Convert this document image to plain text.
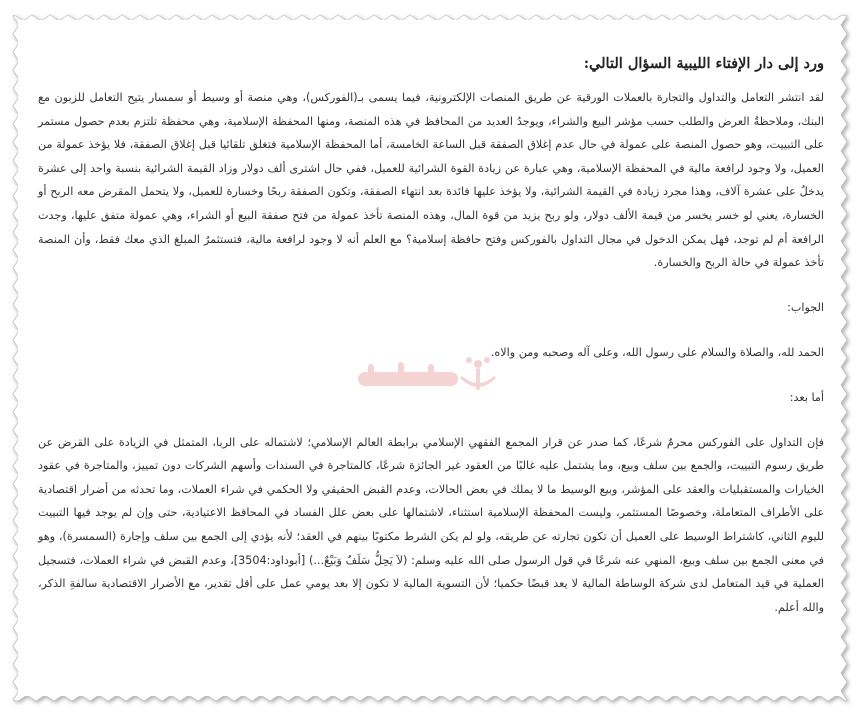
ورد إلى دار الإفتاء الليبية السؤال التالي:

لقد انتشر التعامل والتداول والتجارة بالعملات الورقية عن طريق المنصات الإلكترونية، فيما يسمى بـ(الفوركس)، وهي منصة أو وسيط أو سمسار يتيح التعامل للزبون مع البنك، وملاحظةُ العرض والطلب حسب مؤشر البيع والشراء، ويوجدُ العديد من المحافظ في هذه المنصة، ومنها المحفظة الإسلامية، وهي محفظة تلتزم بعدم حصول مستمر على التبييت، وهو حصول المنصة على عمولة في حال عدم إغلاق الصفقة قبل الساعة الخامسة، أما المحفظة الإسلامية فتغلق تلقائيا قبل إغلاق الصفقة، فلا يؤخذ عمولة من العميل، ولا وجود لرافعة مالية في المحفظة الإسلامية، وهي عبارة عن زيادة القوة الشرائية للعميل، ففي حال اشترى ألف دولار وزاد القيمة الشرائية بنسبة واحد إلى عشرة يدخلُ على عشرة آلاف، وهذا مجرد زيادة في القيمة الشرائية، ولا يؤخذ عليها فائدة بعد انتهاء الصفقة، وتكون الصفقة ربحًا وخسارة للعميل، ولا يتحمل المقرض معه الربح أو الخسارة، يعني لو خسر يخسر من قيمة الألف دولار، ولو ربح يزيد من قوة المال، وهذه المنصة تأخذ عمولة من فتح صفقة البيع أو الشراء، وهي عمولة متفق عليها، وجدت الرافعة أم لم توجد، فهل يمكن الدخول في مجال التداول بالفوركس وفتح حافظة إسلامية؟ مع العلم أنه لا وجود لرافعة مالية، فتستثمرُ المبلغ الذي معك فقط، وأن المنصة تأخذ عمولة في حالة الربح والخسارة.

الجواب:

الحمد لله، والصلاة والسلام على رسول الله، وعلى آله وصحبه ومن والاه.

أما بعد:

فإن التداول على الفوركس محرمٌ شرعًا، كما صدر عن قرار المجمع الفقهي الإسلامي برابطة العالم الإسلامي؛ لاشتماله على الربا، المتمثل في الزيادة على القرض عن طريق رسوم التبييت، والجمع بين سلف وبيع، وما يشتمل عليه غالبًا من العقود غير الجائزة شرعًا، كالمتاجرة في السندات وأسهم الشركات دون تمييز، والمتاجرة في عقود الخيارات والمستقبليات والعقد على المؤشر، وبيع الوسيط ما لا يملك في بعض الحالات، وعدم القبض الحقيقي ولا الحكمي في شراء العملات، وما تحدثه من أضرار اقتصادية على الأطراف المتعاملة، وخصوصًا المستثمر، وليست المحفظة الإسلامية استثناء، لاشتمالها على بعض علل الفساد في المحافظ الاعتيادية، حتى وإن لم يوجد فيها التبييت لليوم الثاني، كاشتراط الوسيط على العميل أن تكون تجارته عن طريقه، ولو لم يكن الشرط مكتوبًا بينهم في العقد؛ لأنه يؤدي إلى الجمع بين سلف وإجارة (السمسرة)، وهو في معنى الجمع بين سلف وبيع، المنهي عنه شرعًا في قول الرسول صلى الله عليه وسلم: (لاَ يَحِلُّ سَلَفٌ وَبَيْعٌ...) [أبوداود:3504]، وعدم القبض في شراء العملات، فتسجيل العملية في قيد المتعامل لدى شركة الوساطة المالية لا يعد قبضًا حكميا؛ لأن التسوية المالية لا تكون إلا بعد يومي عمل على أقل تقدير، مع الأضرار الاقتصادية سالفةِ الذكر، والله أعلم.
